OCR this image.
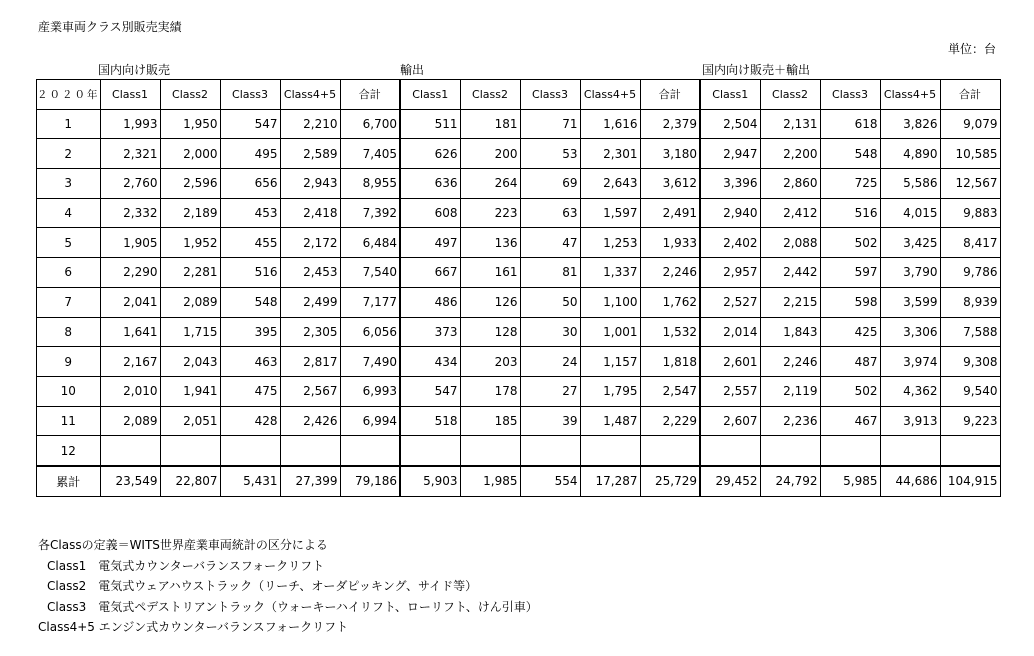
産業車両クラス別販売実績
単位：台
国内向け販売	輸出	国内向け販売＋輸出
２０２０年	Class1	Class2	Class3	Class4+5	合計	Class1	Class2	Class3	Class4+5	合計	Class1	Class2	Class3	Class4+5	合計
1	1,993	1,950	547	2,210	6,700	511	181	71	1,616	2,379	2,504	2,131	618	3,826	9,079
2	2,321	2,000	495	2,589	7,405	626	200	53	2,301	3,180	2,947	2,200	548	4,890	10,585
3	2,760	2,596	656	2,943	8,955	636	264	69	2,643	3,612	3,396	2,860	725	5,586	12,567
4	2,332	2,189	453	2,418	7,392	608	223	63	1,597	2,491	2,940	2,412	516	4,015	9,883
5	1,905	1,952	455	2,172	6,484	497	136	47	1,253	1,933	2,402	2,088	502	3,425	8,417
6	2,290	2,281	516	2,453	7,540	667	161	81	1,337	2,246	2,957	2,442	597	3,790	9,786
7	2,041	2,089	548	2,499	7,177	486	126	50	1,100	1,762	2,527	2,215	598	3,599	8,939
8	1,641	1,715	395	2,305	6,056	373	128	30	1,001	1,532	2,014	1,843	425	3,306	7,588
9	2,167	2,043	463	2,817	7,490	434	203	24	1,157	1,818	2,601	2,246	487	3,974	9,308
10	2,010	1,941	475	2,567	6,993	547	178	27	1,795	2,547	2,557	2,119	502	4,362	9,540
11	2,089	2,051	428	2,426	6,994	518	185	39	1,487	2,229	2,607	2,236	467	3,913	9,223
12															
累計	23,549	22,807	5,431	27,399	79,186	5,903	1,985	554	17,287	25,729	29,452	24,792	5,985	44,686	104,915
各Classの定義＝WITS世界産業車両統計の区分による
Class1　電気式カウンターバランスフォークリフト
Class2　電気式ウェアハウストラック（リーチ、オーダピッキング、サイド等）
Class3　電気式ペデストリアントラック（ウォーキーハイリフト、ローリフト、けん引車）
Class4+5 エンジン式カウンターバランスフォークリフト
